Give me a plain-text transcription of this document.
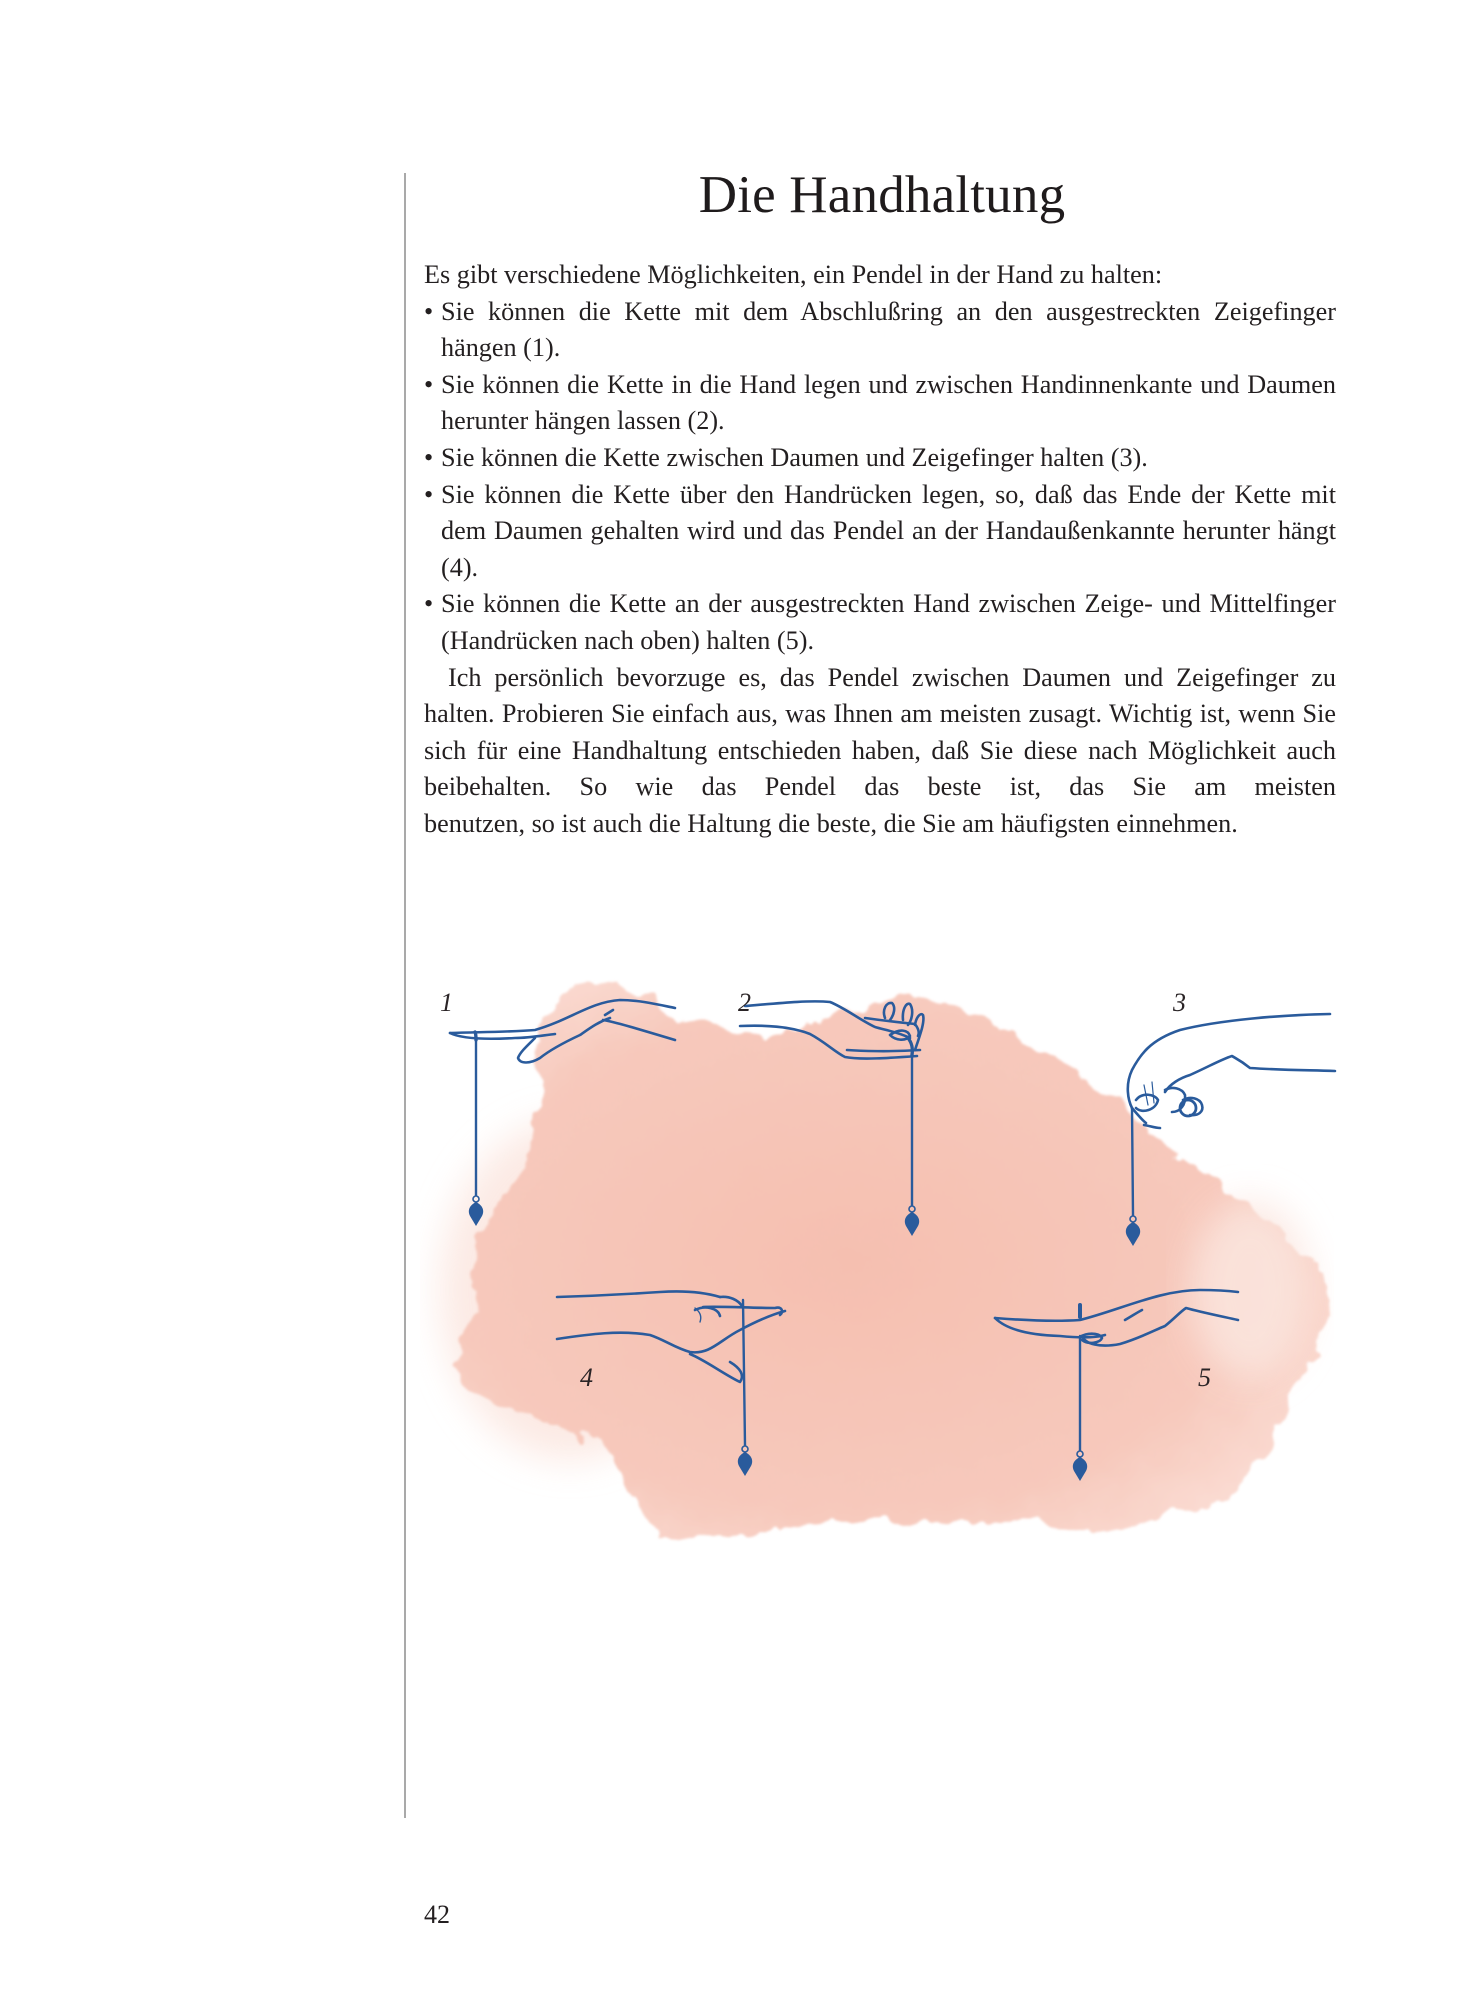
Die Handhaltung

Es gibt verschiedene Möglichkeiten, ein Pendel in der Hand zu halten:

• Sie können die Kette mit dem Abschlußring an den ausgestreckten Zeigefinger hängen (1).
• Sie können die Kette in die Hand legen und zwischen Handinnenkante und Daumen herunter hängen lassen (2).
• Sie können die Kette zwischen Daumen und Zeigefinger halten (3).
• Sie können die Kette über den Handrücken legen, so, daß das Ende der Kette mit dem Daumen gehalten wird und das Pendel an der Handaußenkannte herunter hängt (4).
• Sie können die Kette an der ausgestreckten Hand zwischen Zeige- und Mittelfinger (Handrücken nach oben) halten (5).

Ich persönlich bevorzuge es, das Pendel zwischen Daumen und Zeigefinger zu halten. Probieren Sie einfach aus, was Ihnen am meisten zusagt. Wichtig ist, wenn Sie sich für eine Handhaltung entschieden haben, daß Sie diese nach Möglichkeit auch beibehalten. So wie das Pendel das beste ist, das Sie am meisten
benutzen, so ist auch die Haltung die beste, die Sie am häufigsten einnehmen.

1	2	3
4	5
42
